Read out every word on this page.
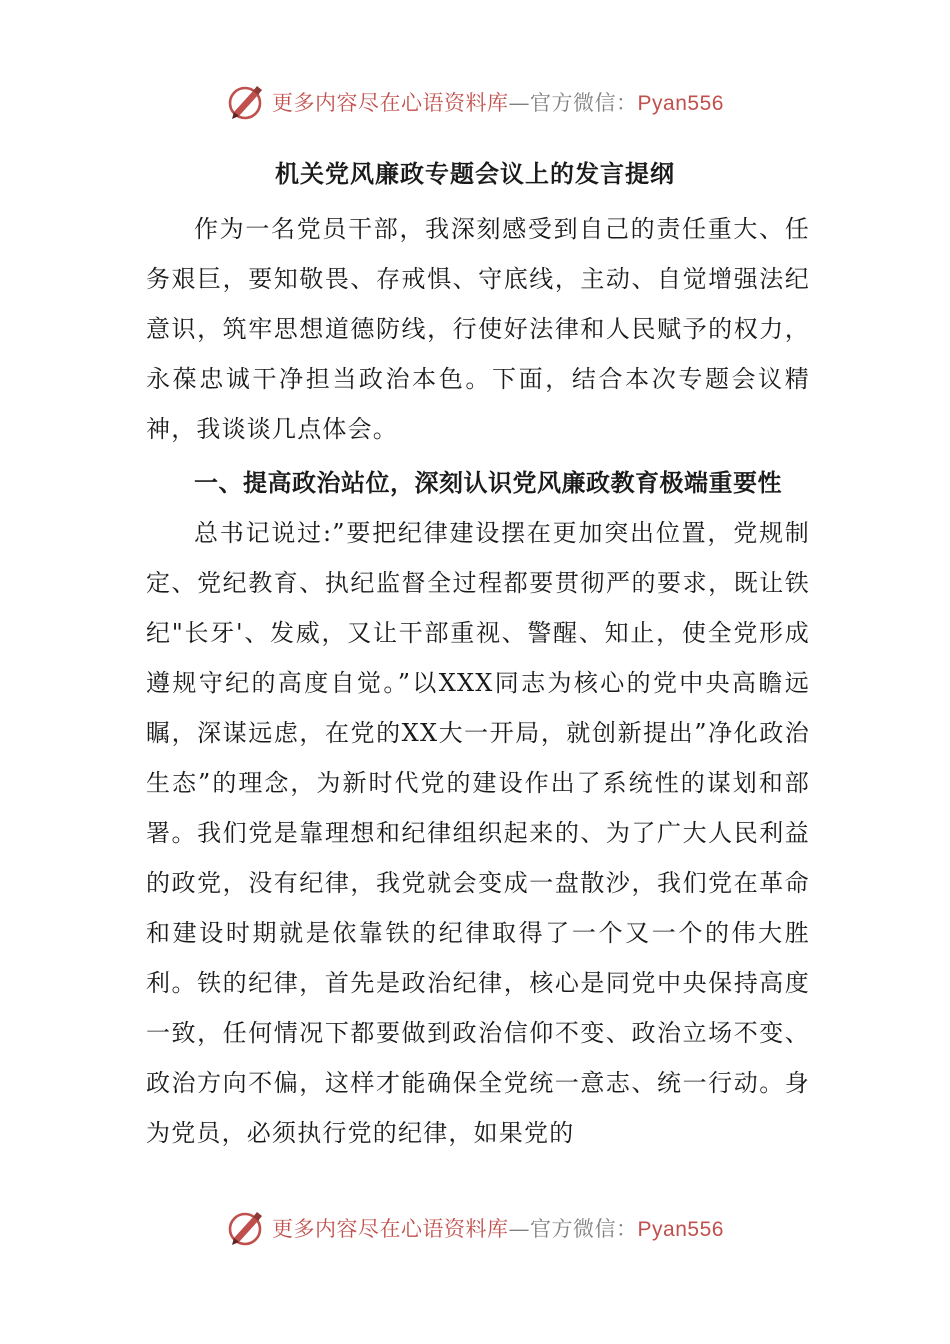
更多内容尽在心语资料库—官方微信：Pyan556
机关党风廉政专题会议上的发言提纲

作为一名党员干部，我深刻感受到自己的责任重大、任务艰巨，要知敬畏、存戒惧、守底线，主动、自觉增强法纪意识，筑牢思想道德防线，行使好法律和人民赋予的权力，永葆忠诚干净担当政治本色。下面，结合本次专题会议精神，我谈谈几点体会。

一、提高政治站位，深刻认识党风廉政教育极端重要性

总书记说过:”要把纪律建设摆在更加突出位置，党规制定、党纪教育、执纪监督全过程都要贯彻严的要求，既让铁纪"长牙'、发威，又让干部重视、警醒、知止，使全党形成遵规守纪的高度自觉。”以XXX同志为核心的党中央高瞻远瞩，深谋远虑，在党的XX大一开局，就创新提出”净化政治生态”的理念，为新时代党的建设作出了系统性的谋划和部署。我们党是靠理想和纪律组织起来的、为了广大人民利益的政党，没有纪律，我党就会变成一盘散沙，我们党在革命和建设时期就是依靠铁的纪律取得了一个又一个的伟大胜利。铁的纪律，首先是政治纪律，核心是同党中央保持高度一致，任何情况下都要做到政治信仰不变、政治立场不变、政治方向不偏，这样才能确保全党统一意志、统一行动。身为党员，必须执行党的纪律，如果党的

更多内容尽在心语资料库—官方微信：Pyan556
